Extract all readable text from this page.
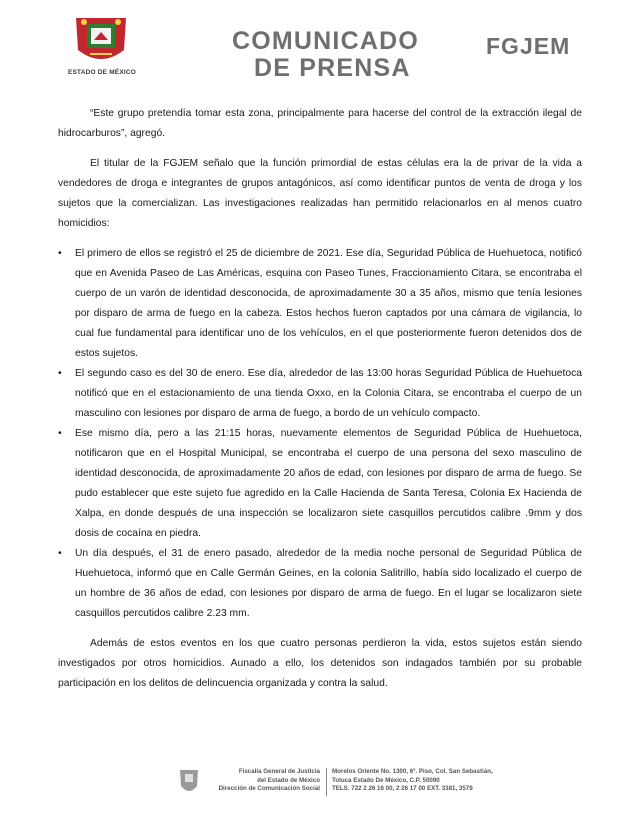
ESTADO DE MÉXICO
COMUNICADO
DE PRENSA
FGJEM

“Este grupo pretendía tomar esta zona, principalmente para hacerse del control de la extracción ilegal de hidrocarburos”, agregó.

El titular de la FGJEM señalo que la función primordial de estas células era la de privar de la vida a vendedores de droga e integrantes de grupos antagónicos, así como identificar puntos de venta de droga y los sujetos que la comercializan. Las investigaciones realizadas han permitido relacionarlos en al menos cuatro homicidios:

• El primero de ellos se registró el 25 de diciembre de 2021. Ese día, Seguridad Pública de Huehuetoca, notificó que en Avenida Paseo de Las Américas, esquina con Paseo Tunes, Fraccionamiento Citara, se encontraba el cuerpo de un varón de identidad desconocida, de aproximadamente 30 a 35 años, mismo que tenía lesiones por disparo de arma de fuego en la cabeza. Estos hechos fueron captados por una cámara de vigilancia, lo cual fue fundamental para identificar uno de los vehículos, en el que posteriormente fueron detenidos dos de estos sujetos.
• El segundo caso es del 30 de enero. Ese día, alrededor de las 13:00 horas Seguridad Pública de Huehuetoca notificó que en el estacionamiento de una tienda Oxxo, en la Colonia Citara, se encontraba el cuerpo de un masculino con lesiones por disparo de arma de fuego, a bordo de un vehículo compacto.
• Ese mismo día, pero a las 21:15 horas, nuevamente elementos de Seguridad Pública de Huehuetoca, notificaron que en el Hospital Municipal, se encontraba el cuerpo de una persona del sexo masculino de identidad desconocida, de aproximadamente 20 años de edad, con lesiones por disparo de arma de fuego. Se pudo establecer que este sujeto fue agredido en la Calle Hacienda de Santa Teresa, Colonia Ex Hacienda de Xalpa, en donde después de una inspección se localizaron siete casquillos percutidos calibre .9mm y dos dosis de cocaína en piedra.
• Un día después, el 31 de enero pasado, alrededor de la media noche personal de Seguridad Pública de Huehuetoca, informó que en Calle Germán Geines, en la colonia Salitrillo, había sido localizado el cuerpo de un hombre de 36 años de edad, con lesiones por disparo de arma de fuego. En el lugar se localizaron siete casquillos percutidos calibre 2.23 mm.

Además de estos eventos en los que cuatro personas perdieron la vida, estos sujetos están siendo investigados por otros homicidios. Aunado a ello, los detenidos son indagados también por su probable participación en los delitos de delincuencia organizada y contra la salud.

Fiscalía General de Justicia
del Estado de México
Dirección de Comunicación Social
Morelos Oriente No. 1300, 6º. Piso, Col. San Sebastián,
Toluca Estado De México, C.P. 50090
TELS. 722 2 26 16 00, 2 26 17 00 EXT. 3381, 3579
